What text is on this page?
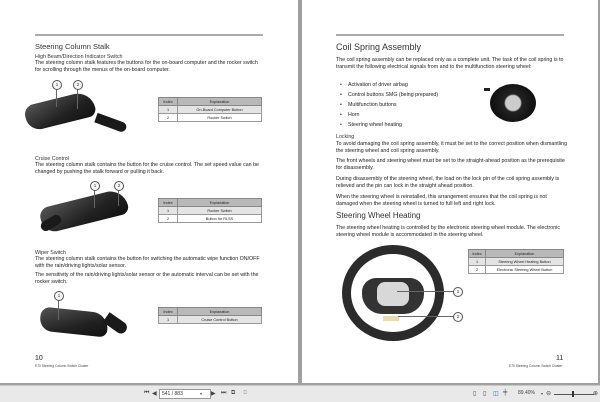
Steering Column Stalk
High Beam/Direction Indicator Switch
The steering column stalk features the buttons for the on-board computer and the rocker switch for scrolling through the menus of the on-board computer.
1	2
Index	Explanation
1	On-Board Computer Button
2	Rocker Switch
Cruise Control
The steering column stalk contains the button for the cruise control. The set speed value can be changed by pushing the stalk forward or pulling it back.
1	2
Index	Explanation
1	Rocker Switch
2	Button for RLSS
Wiper Switch
The steering column stalk contains the button for switching the automatic wipe function ON/OFF with the rain/driving lights/solar sensor.
The sensitivity of the rain/driving lights/solar sensor or the automatic interval can be set with the rocker switch.
1
Index	Explanation
1	Cruise Control Button
10
E70 Steering Column Switch Cluster
Coil Spring Assembly
The coil spring assembly can be replaced only as a complete unit. The task of the coil spring is to transmit the following electrical signals from and to the multifunction steering wheel:
• Activation of driver airbag
• Control buttons SMG (being prepared)
• Multifunction buttons
• Horn
• Steering wheel heating
Locking
To avoid damaging the coil spring assembly, it must be set to the correct position when dismantling the steering wheel and coil spring assembly.
The front wheels and steering wheel must be set to the straight-ahead position as the prerequisite for disassembly.
During disassembly of the steering wheel, the load on the lock pin of the coil spring assembly is relieved and the pin can lock in the straight ahead position.
When the steering wheel is reinstalled, this arrangement ensures that the coil spring is not damaged when the steering wheel is turned to full left and right lock.
Steering Wheel Heating
The steering wheel heating is controlled by the electronic steering wheel module. The electronic steering wheel module is accommodated in the steering wheel.
1
2
Index	Explanation
1	Steering Wheel Heating Button
2	Electronic Steering Wheel Button
11
E70 Steering Column Switch Cluster
⏮ ◀	541 / 883	▾ ▶ ⏭ ⧉ ⧉	▯ ▯ ◫ ╪ 89.40% ▾ ⊖	⊕
